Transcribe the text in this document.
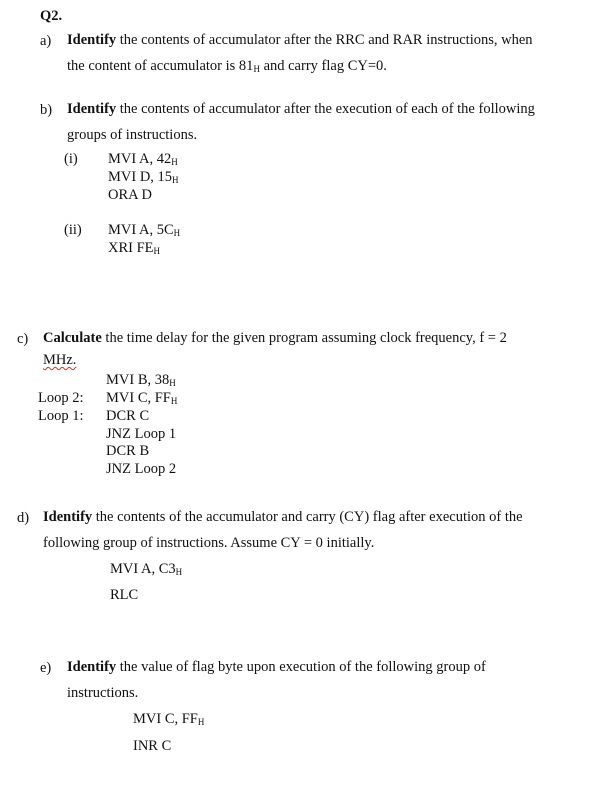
Q2.
a) Identify the contents of accumulator after the RRC and RAR instructions, when
the content of accumulator is $81_H$ and carry flag CY=0.
b) Identify the contents of accumulator after the execution of each of the following
groups of instructions.
(i) MVI A, $42_H$
MVI D, $15_H$
ORA D
(ii) MVI A, $5C_H$
XRI $FE_H$
c) Calculate the time delay for the given program assuming clock frequency, f = 2
MHz.
Loop 2:
Loop 1:
MVI B, $38_H$
MVI C, $FF_H$
DCR C
JNZ Loop 1
DCR B
JNZ Loop 2
d) Identify the contents of the accumulator and carry (CY) flag after execution of the
following group of instructions. Assume CY = 0 initially.
MVI A, $C3_H$
RLC
e) Identify the value of flag byte upon execution of the following group of
instructions.
MVI C, $FF_H$
INR C
